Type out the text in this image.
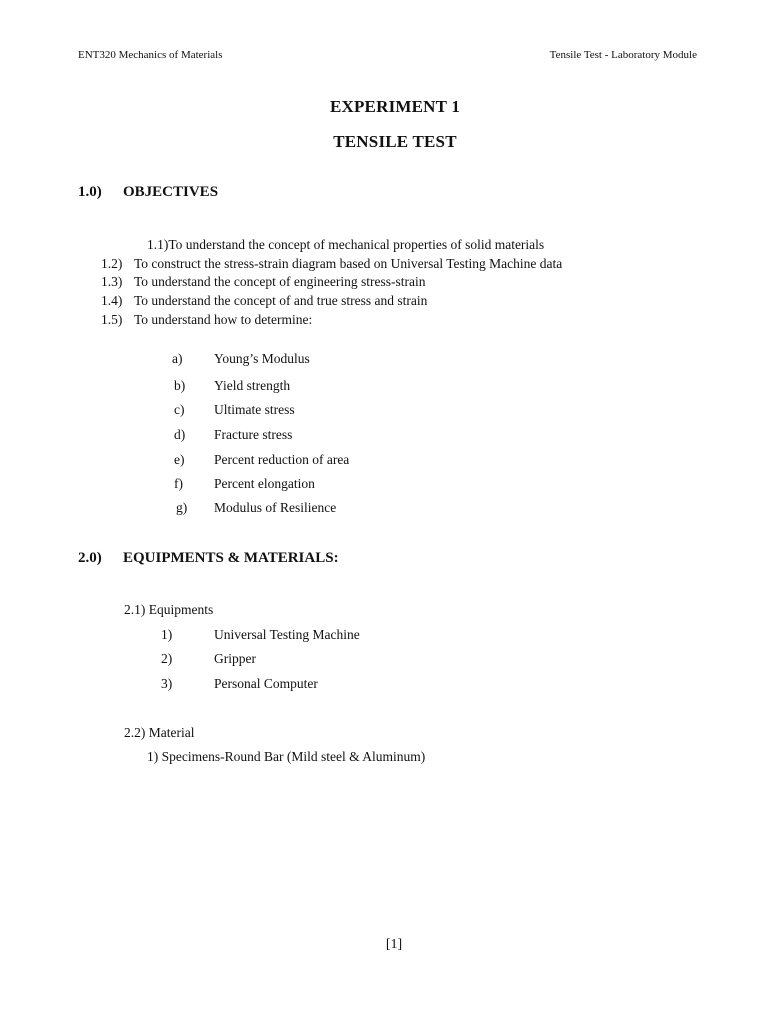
ENT320 Mechanics of Materials	Tensile Test - Laboratory Module
EXPERIMENT 1
TENSILE TEST
1.0) OBJECTIVES
1.1)To understand the concept of mechanical properties of solid materials
1.2) To construct the stress-strain diagram based on Universal Testing Machine data
1.3) To understand the concept of engineering stress-strain
1.4) To understand the concept of and true stress and strain
1.5) To understand how to determine:
a) Young’s Modulus
b) Yield strength
c) Ultimate stress
d) Fracture stress
e) Percent reduction of area
f) Percent elongation
g) Modulus of Resilience
2.0) EQUIPMENTS & MATERIALS:
2.1) Equipments
1)	Universal Testing Machine
2)	Gripper
3)	Personal Computer
2.2) Material
1) Specimens-Round Bar (Mild steel & Aluminum)
[1]
